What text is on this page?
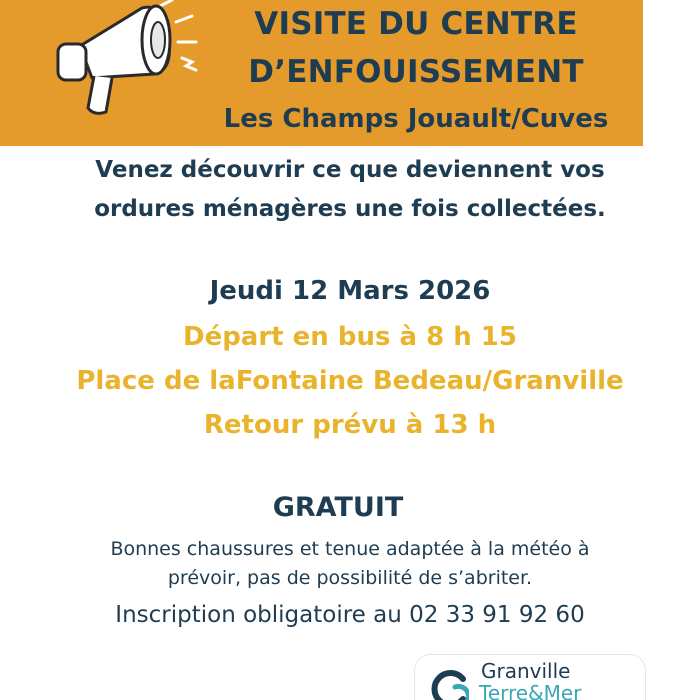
VISITE DU CENTRE
D’ENFOUISSEMENT
Les Champs Jouault/Cuves
Venez découvrir ce que deviennent vos
ordures ménagères une fois collectées.
Jeudi 12 Mars 2026
Départ en bus à 8 h 15
Place de laFontaine Bedeau/Granville
Retour prévu à 13 h
GRATUIT
Bonnes chaussures et tenue adaptée à la météo à
prévoir, pas de possibilité de s’abriter.
Inscription obligatoire au 02 33 91 92 60
Granville
Terre&Mer
